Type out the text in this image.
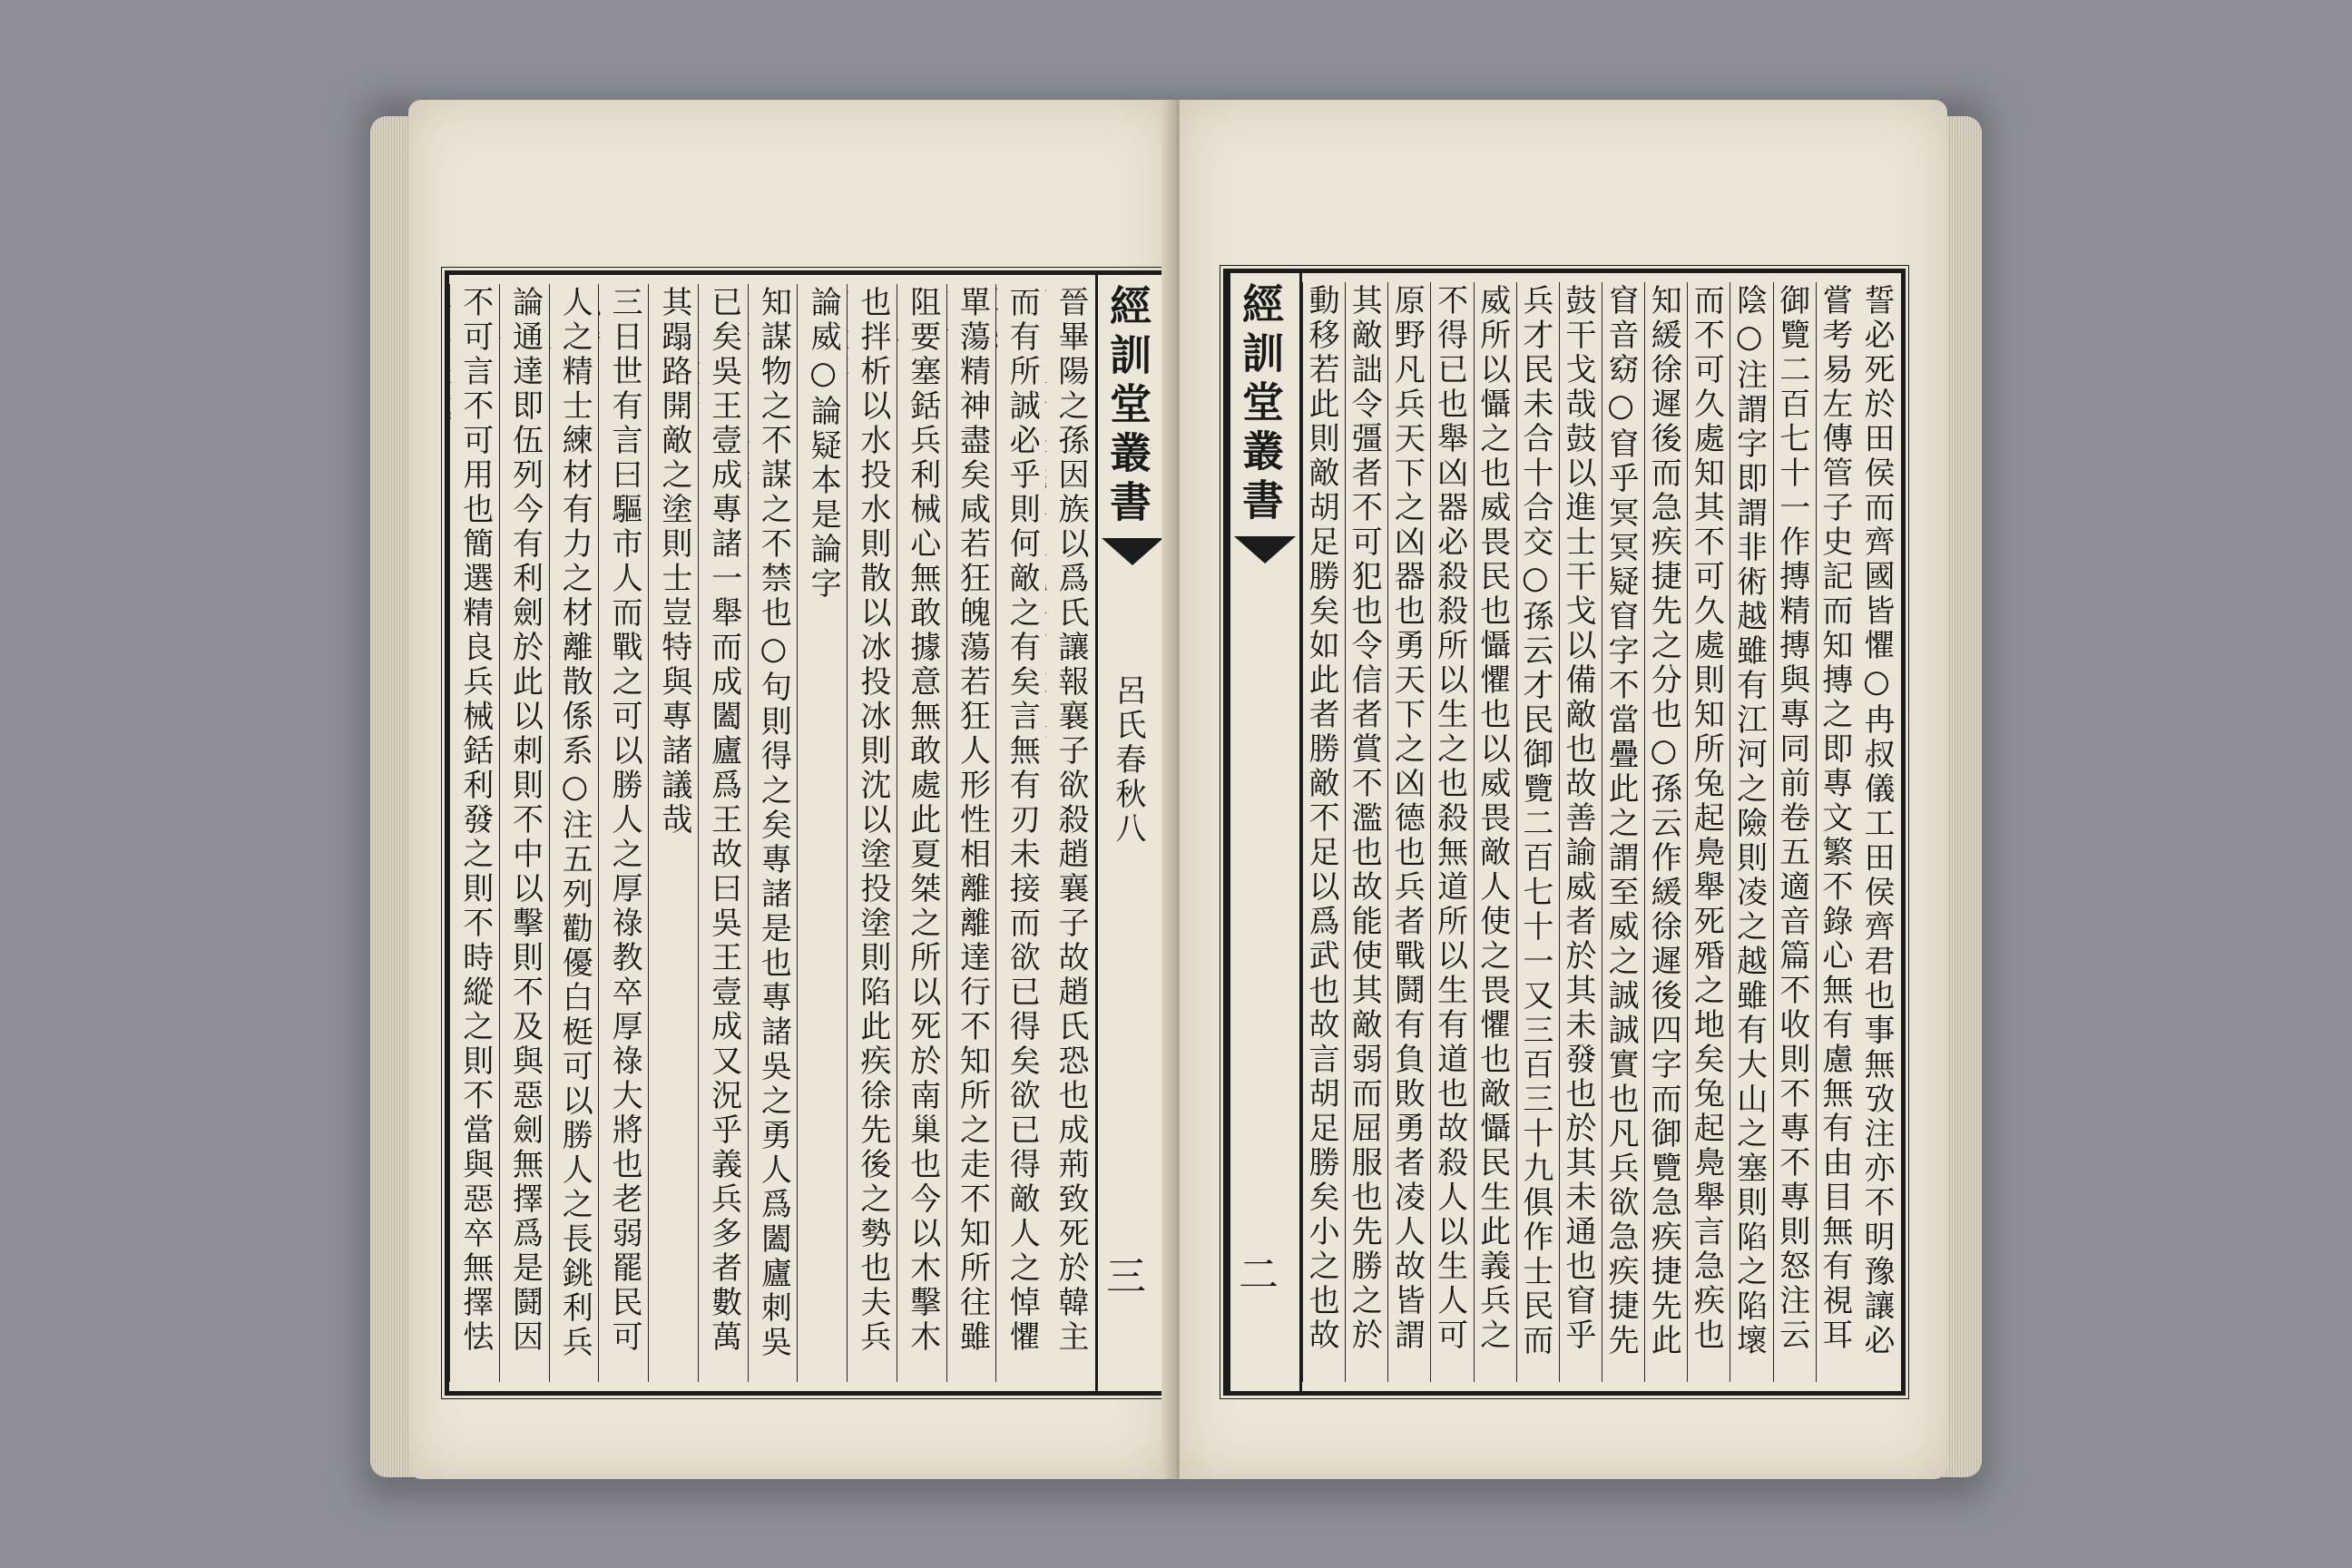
不可言不可用也簡選精良兵械銛利發之則不時縱之則不當與惡卒無擇怯
論通達即伍列今有利劍於此以刺則不中以擊則不及與惡劍無擇爲是鬪因
人之精士練材有力之材離散係系○注五列勸優白梃可以勝人之長銚利兵
三日世有言曰驅市人而戰之可以勝人之厚祿教卒厚祿大將也老弱罷民可
其蹋路開敵之塗則士豈特與專諸議哉 已矣吳王壹成專諸一舉而成闔廬爲王故曰吳王壹成又況乎義兵多者數萬
知謀物之不謀之不禁也○句則得之矣專諸是也專諸吳之勇人爲闔廬刺吳
論威○論疑本是論字 也拌析以水投水則散以冰投冰則沈以塗投塗則陷此疾徐先後之勢也夫兵
阻要塞銛兵利械心無敢據意無敢處此夏桀之所以死於南巢也今以木擊木
單蕩精神盡矣咸若狂魄蕩若狂人形性相離離達行不知所之走不知所往雖
而有所誠必乎則何敵之有矣言無有刃未接而欲已得矣欲已得敵人之悼懼
晉畢陽之孫因族以爲氏讓報襄子欲殺趙襄子故趙氏恐也成荊致死於韓主
經訓堂叢書
呂氏春秋八
三
動移若此則敵胡足勝矣如此者勝敵不足以爲武也故言胡足勝矣小之也故
其敵詘令彊者不可犯也令信者賞不濫也故能使其敵弱而屈服也先勝之於
原野凡兵天下之凶器也勇天下之凶德也兵者戰鬪有負敗勇者凌人故皆謂
不得已也舉凶器必殺殺所以生之也殺無道所以生有道也故殺人以生人可
威所以懾之也威畏民也懾懼也以威畏敵人使之畏懼也敵懾民生此義兵之
兵才民未合十合交○孫云才民御覽二百七十一又三百三十九俱作士民而
鼓干戈哉鼓以進士干戈以備敵也故善諭威者於其未發也於其未通也窅乎
窅音窈○窅乎冥冥疑窅字不當疊此之謂至威之誠誠實也凡兵欲急疾捷先
知緩徐遲後而急疾捷先之分也○孫云作緩徐遲後四字而御覽急疾捷先此
而不可久處知其不可久處則知所兔起鳧舉死殙之地矣兔起鳧舉言急疾也
陰○注謂字即謂非術越雖有江河之險則凌之越雖有大山之塞則陷之陷壞
御覽二百七十一作摶精摶與專同前卷五適音篇不收則不專不專則怒注云
嘗考易左傳管子史記而知摶之即專文繁不錄心無有慮無有由目無有視耳
誓必死於田侯而齊國皆懼○冉叔儀工田侯齊君也事無攷注亦不明豫讓必
經訓堂叢書
二
